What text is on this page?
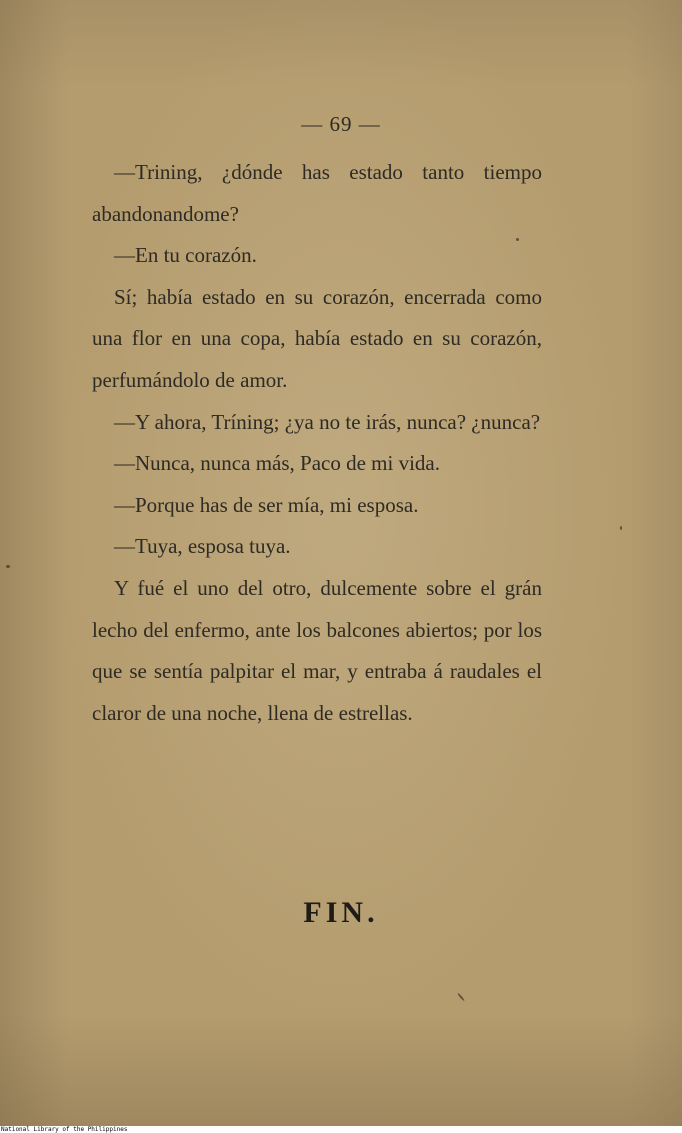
— 69 —
—Trining, ¿dónde has estado tanto tiempo abandonandome?
—En tu corazón.
Sí; había estado en su corazón, encerrada como una flor en una copa, había estado en su corazón, perfumándolo de amor.
—Y ahora, Tríning; ¿ya no te irás, nunca? ¿nunca?
—Nunca, nunca más, Paco de mi vida.
—Porque has de ser mía, mi esposa.
—Tuya, esposa tuya.
Y fué el uno del otro, dulcemente sobre el grán lecho del enfermo, ante los balcones abiertos; por los que se sentía palpitar el mar, y entraba á raudales el claror de una noche, llena de estrellas.
FIN.
National Library of the Philippines
